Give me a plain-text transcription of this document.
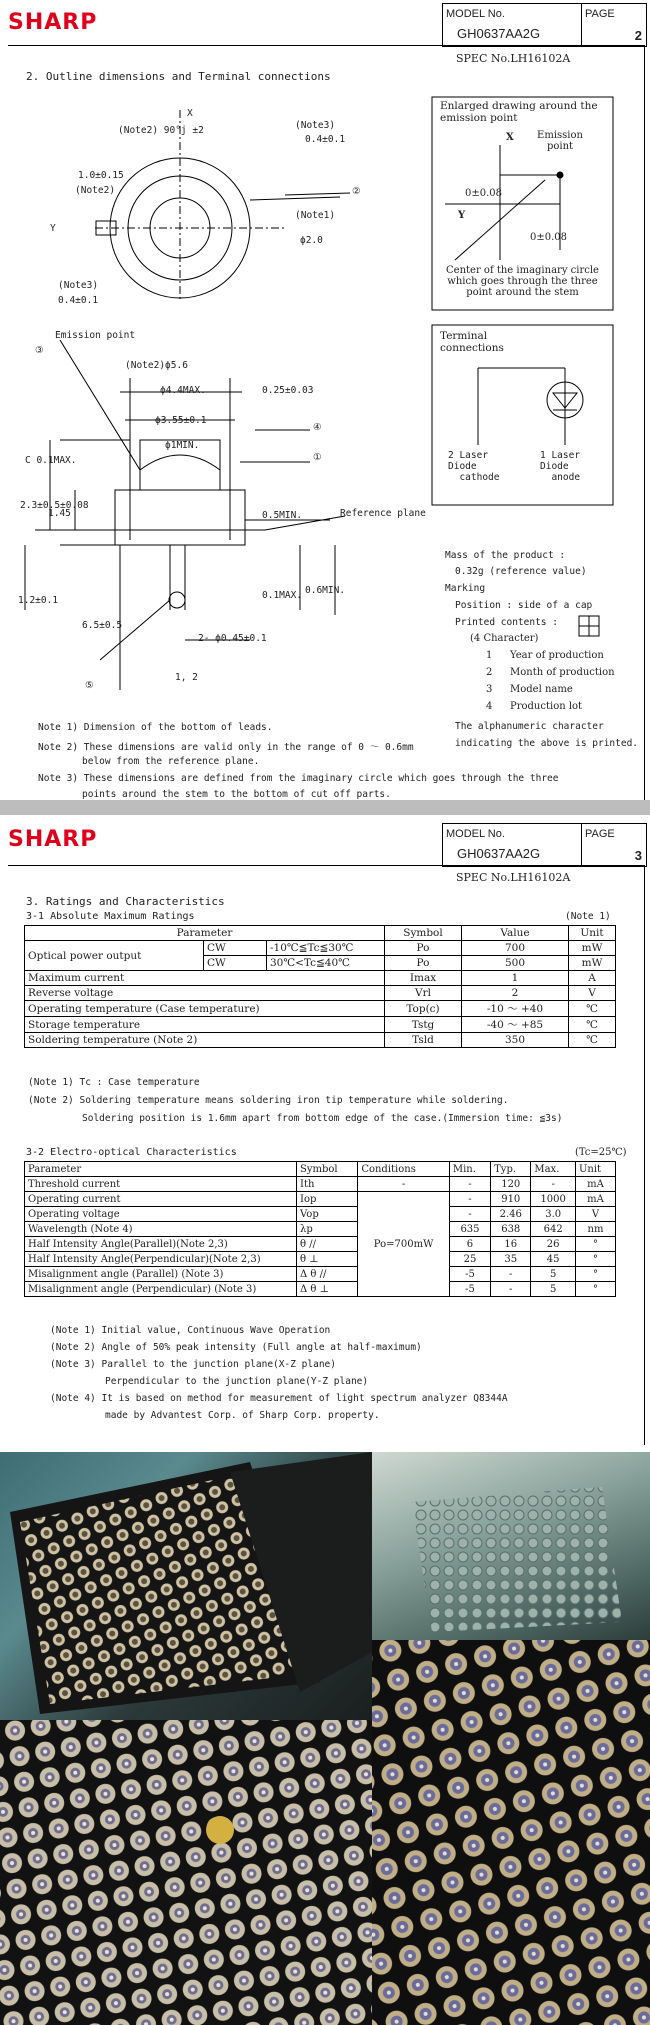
SHARP	MODEL No.
GH0637AA2G
PAGE
2
SPEC No.LH16102A
2. Outline dimensions and Terminal connections
(Note2) 90°j ±2
X
(Note3)
0.4±0.1
(Note2)
1.0±0.15
②
(Note1)
ϕ2.0
Y
(Note3)
0.4±0.1
Emission point
③
(Note2)ϕ5.6
ϕ4.4MAX.
ϕ3.55±0.1
ϕ1MIN.
0.25±0.03
④
①
C 0.1MAX.
2.3±0.5
1.45
±0.08
0.5MIN.	Reference plane
1.2±0.1
6.5±0.5
0.1MAX. 0.6MIN.
2- ϕ0.45±0.1
⑤
1, 2
Enlarged drawing around the emission point
X Emission point
Y
0±0.08
0±0.08
Center of the imaginary circle which goes through the three point around the stem
Terminal connections
2 Laser
Diode
cathode
1 Laser
Diode
anode
Mass of the product :
0.32g (reference value)
Marking
Position : side of a cap
Printed contents :
(4 Character)
1 Year of production
2 Month of production
3 Model name
4 Production lot
The alphanumeric character indicating the above is printed.
Note 1) Dimension of the bottom of leads.
Note 2) These dimensions are valid only in the range of 0 〜 0.6mm
below from the reference plane.
Note 3) These dimensions are defined from the imaginary circle which goes through the three
points around the stem to the bottom of cut off parts.
SHARP	MODEL No.
GH0637AA2G
PAGE
3
SPEC No.LH16102A
3. Ratings and Characteristics
3-1 Absolute Maximum Ratings	(Note 1)
Parameter			Symbol	Value	Unit
Optical power output	CW	-10℃≦Tc≦30℃	Po	700	mW
	CW	30℃<Tc≦40℃	Po	500	mW
Maximum current			Imax	1	A
Reverse voltage			Vrl	2	V
Operating temperature (Case temperature)			Top(c)	-10 〜 +40	℃
Storage temperature			Tstg	-40 〜 +85	℃
Soldering temperature (Note 2)			Tsld	350	℃
(Note 1) Tc : Case temperature
(Note 2) Soldering temperature means soldering iron tip temperature while soldering.
Soldering position is 1.6mm apart from bottom edge of the case.(Immersion time: ≦3s)
3-2 Electro-optical Characteristics	(Tc=25℃)
Parameter	Symbol	Conditions	Min.	Typ.	Max.	Unit
Threshold current	Ith	-	-	120	-	mA
Operating current	Iop	Po=700mW	-	910	1000	mA
Operating voltage	Vop		-	2.46	3.0	V
Wavelength (Note 4)	λp		635	638	642	nm
Half Intensity Angle(Parallel)(Note 2,3)	θ //		6	16	26	°
Half Intensity Angle(Perpendicular)(Note 2,3)	θ ⊥		25	35	45	°
Misalignment angle (Parallel) (Note 3)	Δ θ //		-5	-	5	°
Misalignment angle (Perpendicular) (Note 3)	Δ θ ⊥		-5	-	5	°
(Note 1) Initial value, Continuous Wave Operation
(Note 2) Angle of 50% peak intensity (Full angle at half-maximum)
(Note 3) Parallel to the junction plane(X-Z plane)
Perpendicular to the junction plane(Y-Z plane)
(Note 4) It is based on method for measurement of light spectrum analyzer Q8344A
made by Advantest Corp. of Sharp Corp. property.
